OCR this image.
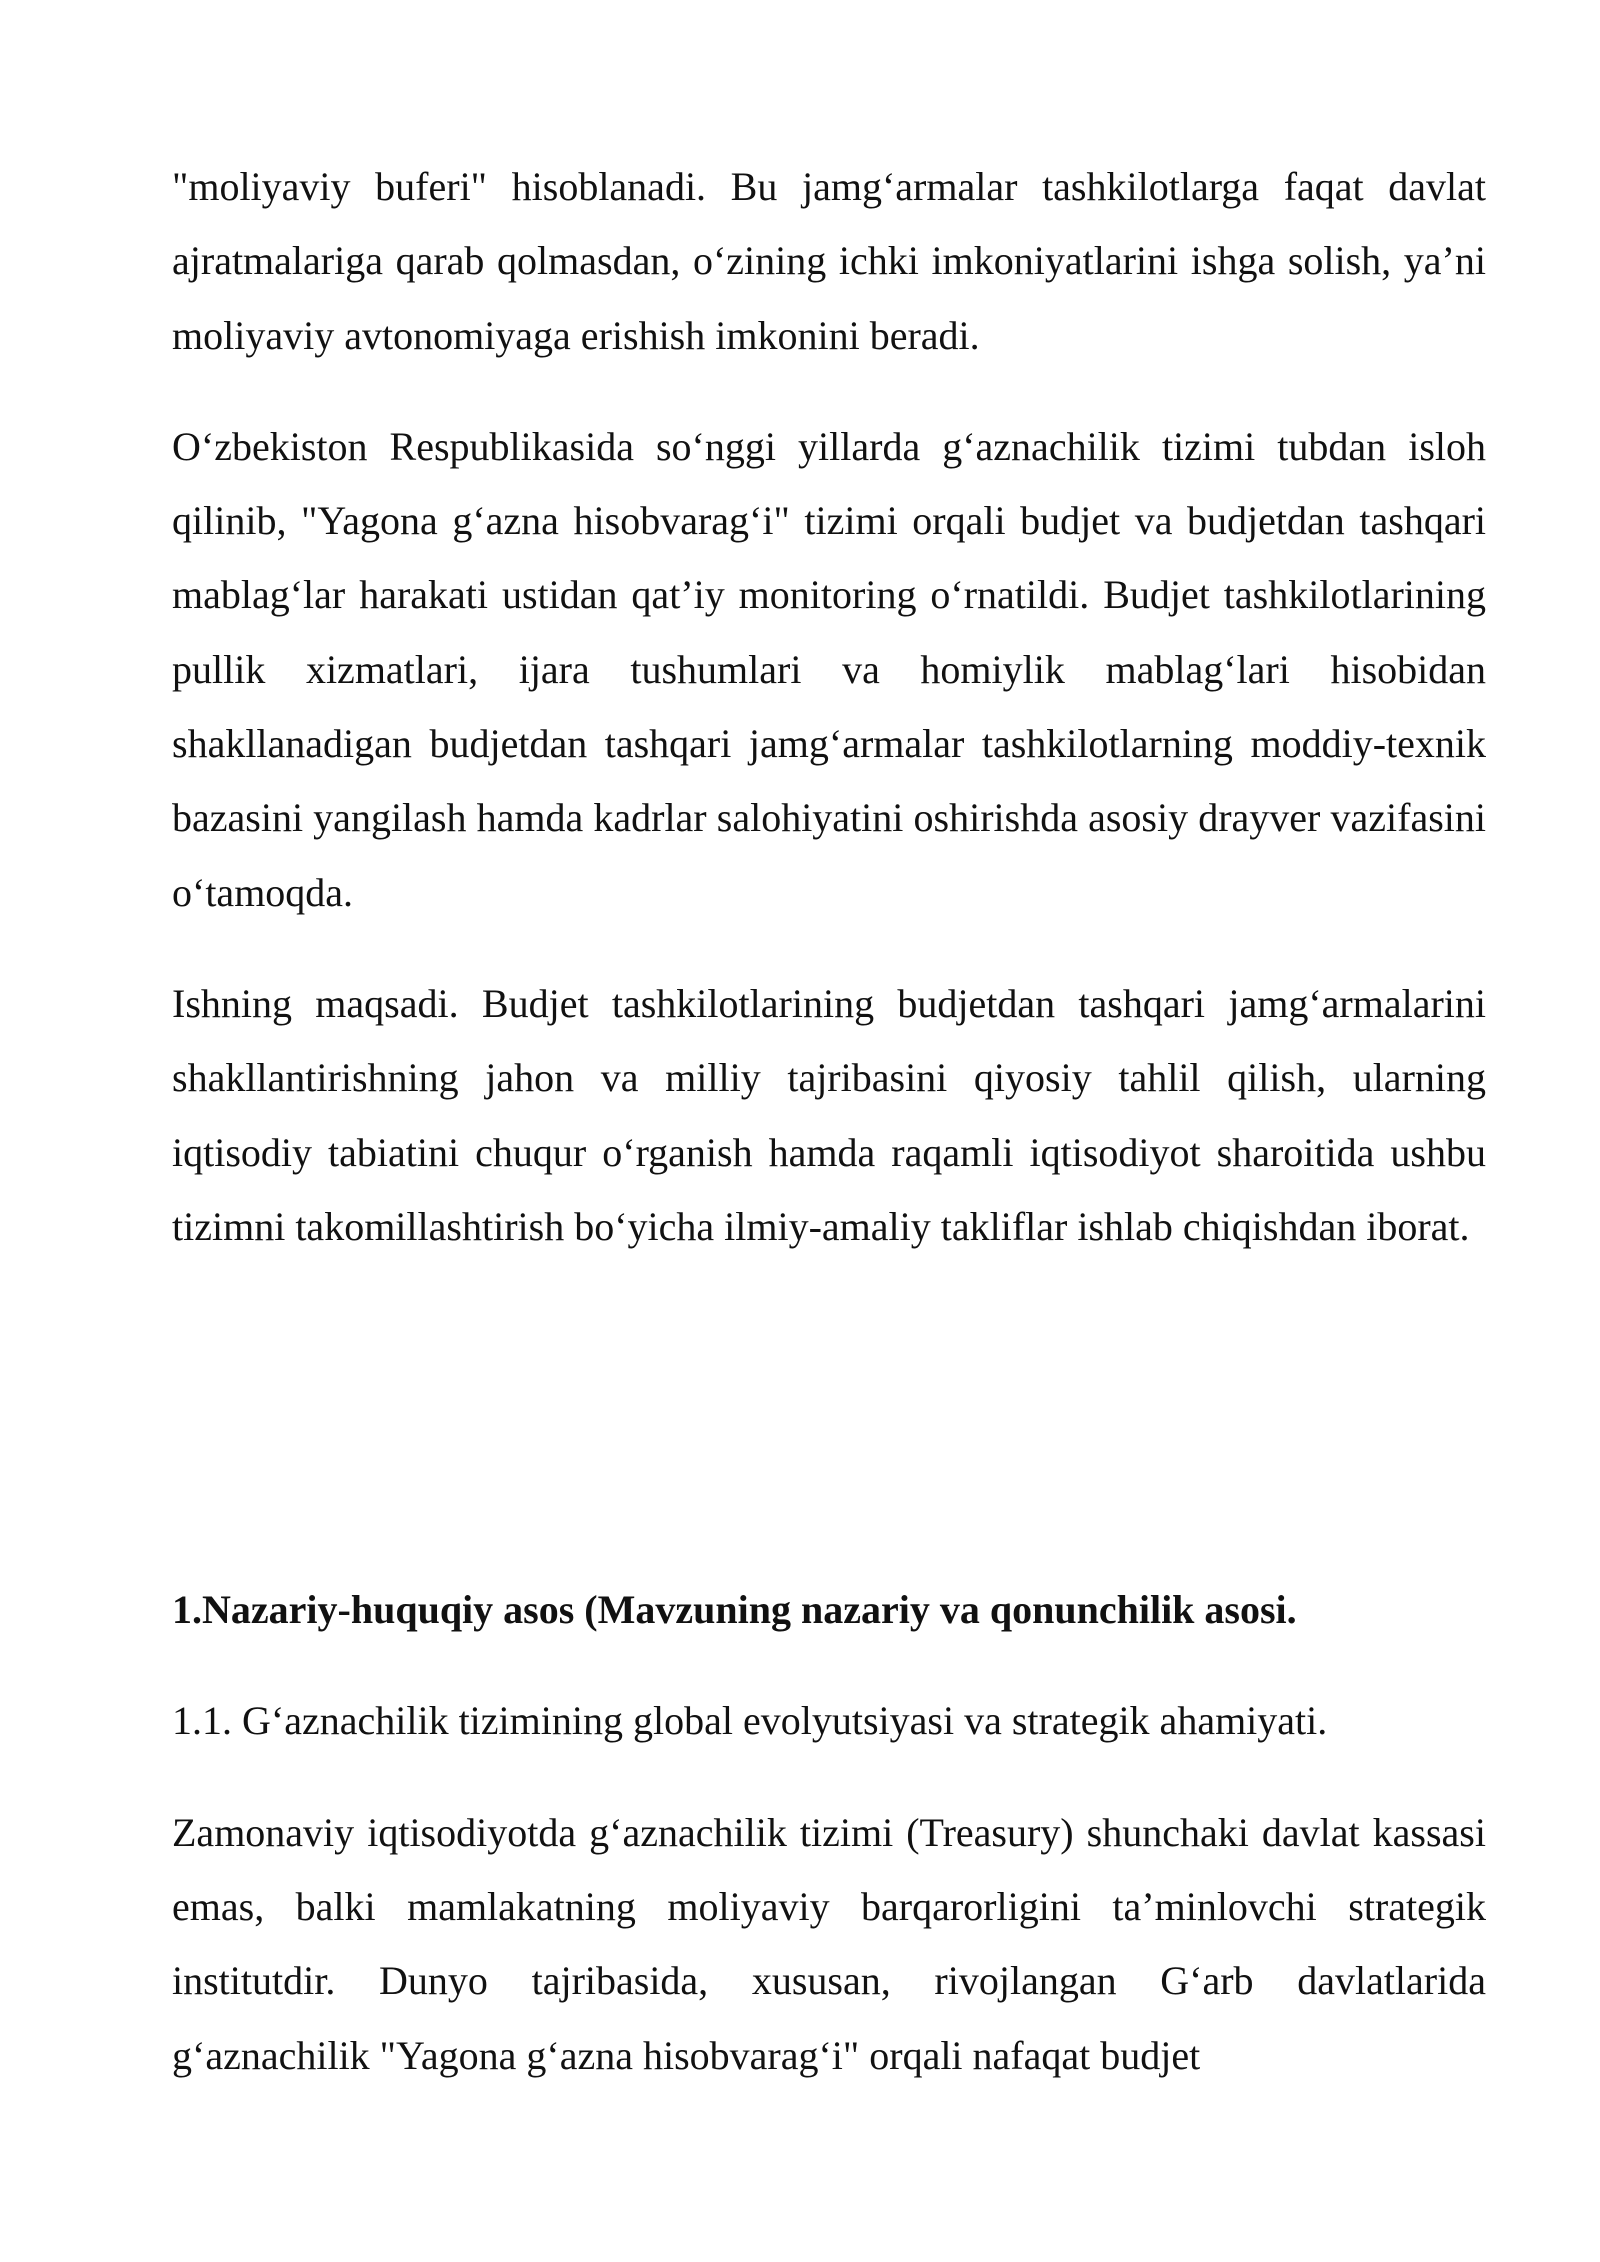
"moliyaviy buferi" hisoblanadi. Bu jamg‘armalar tashkilotlarga faqat davlat ajratmalariga qarab qolmasdan, o‘zining ichki imkoniyatlarini ishga solish, ya’ni moliyaviy avtonomiyaga erishish imkonini beradi.

O‘zbekiston Respublikasida so‘nggi yillarda g‘aznachilik tizimi tubdan isloh qilinib, "Yagona g‘azna hisobvarag‘i" tizimi orqali budjet va budjetdan tashqari mablag‘lar harakati ustidan qat’iy monitoring o‘rnatildi. Budjet tashkilotlarining pullik xizmatlari, ijara tushumlari va homiylik mablag‘lari hisobidan shakllanadigan budjetdan tashqari jamg‘armalar tashkilotlarning moddiy-texnik bazasini yangilash hamda kadrlar salohiyatini oshirishda asosiy drayver vazifasini o‘tamoqda.

Ishning maqsadi. Budjet tashkilotlarining budjetdan tashqari jamg‘armalarini shakllantirishning jahon va milliy tajribasini qiyosiy tahlil qilish, ularning iqtisodiy tabiatini chuqur o‘rganish hamda raqamli iqtisodiyot sharoitida ushbu tizimni takomillashtirish bo‘yicha ilmiy-amaliy takliflar ishlab chiqishdan iborat.

1.Nazariy-huquqiy asos (Mavzuning nazariy va qonunchilik asosi.

1.1. G‘aznachilik tizimining global evolyutsiyasi va strategik ahamiyati.

Zamonaviy iqtisodiyotda g‘aznachilik tizimi (Treasury) shunchaki davlat kassasi emas, balki mamlakatning moliyaviy barqarorligini ta’minlovchi strategik institutdir. Dunyo tajribasida, xususan, rivojlangan G‘arb davlatlarida g‘aznachilik "Yagona g‘azna hisobvarag‘i" orqali nafaqat budjet
